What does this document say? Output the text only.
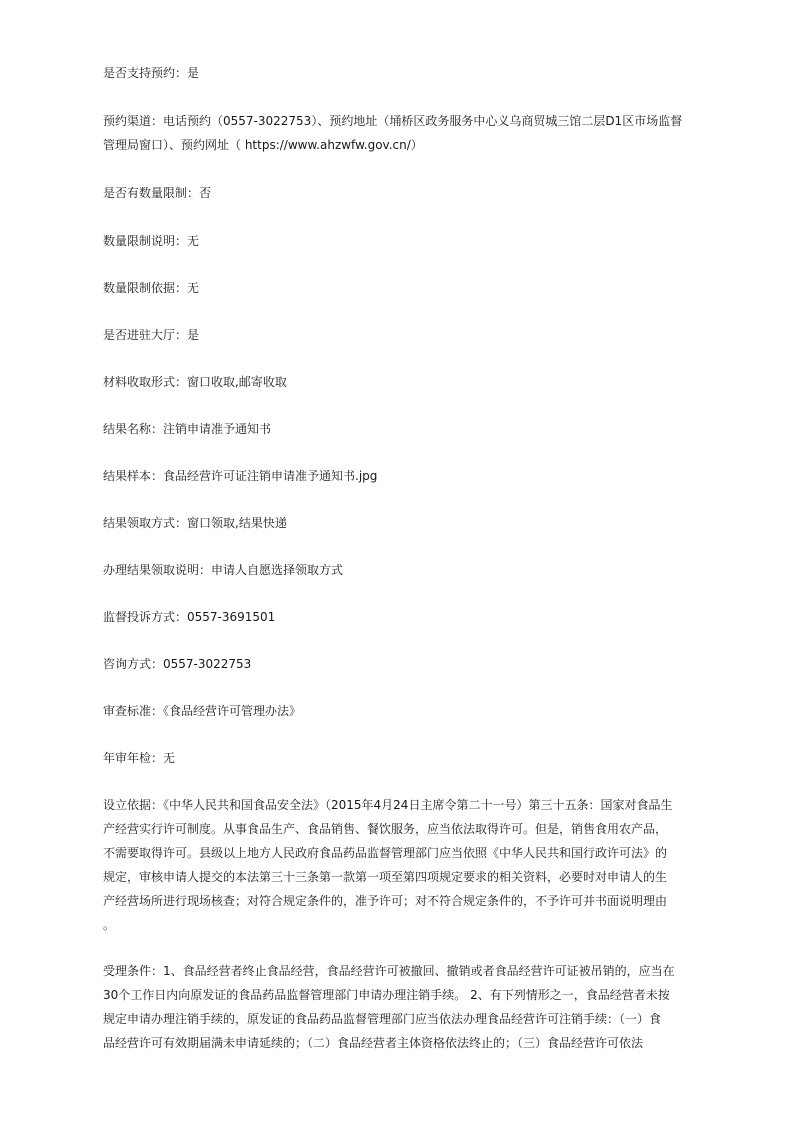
是否支持预约：是
预约渠道：电话预约（0557-3022753）、预约地址（埇桥区政务服务中心义乌商贸城三馆二层D1区市场监督
管理局窗口）、预约网址（ https://www.ahzwfw.gov.cn/）
是否有数量限制：否
数量限制说明：无
数量限制依据：无
是否进驻大厅：是
材料收取形式：窗口收取,邮寄收取
结果名称：注销申请准予通知书
结果样本：食品经营许可证注销申请准予通知书.jpg
结果领取方式：窗口领取,结果快递
办理结果领取说明：申请人自愿选择领取方式
监督投诉方式：0557-3691501
咨询方式：0557-3022753
审查标准：《食品经营许可管理办法》
年审年检：无
设立依据：《中华人民共和国食品安全法》（2015年4月24日主席令第二十一号）第三十五条：国家对食品生
产经营实行许可制度。从事食品生产、食品销售、餐饮服务，应当依法取得许可。但是，销售食用农产品，
不需要取得许可。县级以上地方人民政府食品药品监督管理部门应当依照《中华人民共和国行政许可法》的
规定，审核申请人提交的本法第三十三条第一款第一项至第四项规定要求的相关资料，必要时对申请人的生
产经营场所进行现场核查；对符合规定条件的，准予许可；对不符合规定条件的，不予许可并书面说明理由
。
受理条件：1、食品经营者终止食品经营，食品经营许可被撤回、撤销或者食品经营许可证被吊销的，应当在
30个工作日内向原发证的食品药品监督管理部门申请办理注销手续。 2、有下列情形之一，食品经营者未按
规定申请办理注销手续的，原发证的食品药品监督管理部门应当依法办理食品经营许可注销手续：（一）食
品经营许可有效期届满未申请延续的；（二）食品经营者主体资格依法终止的；（三）食品经营许可依法
